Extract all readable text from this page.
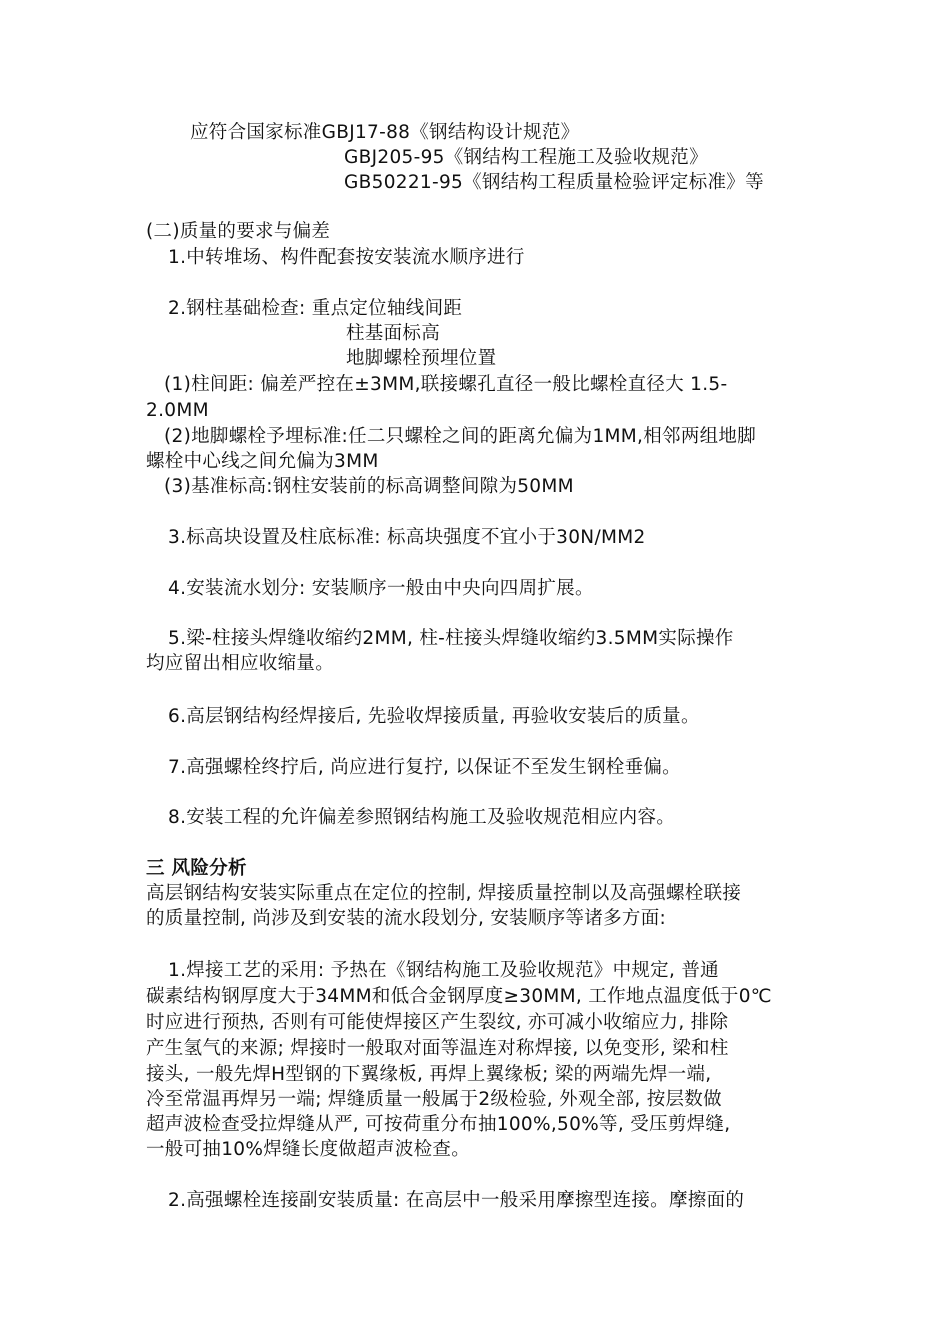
应符合国家标准GBJ17-88《钢结构设计规范》
GBJ205-95《钢结构工程施工及验收规范》
GB50221-95《钢结构工程质量检验评定标准》等
(二)质量的要求与偏差
1.中转堆场、构件配套按安装流水顺序进行
2.钢柱基础检查: 重点定位轴线间距
柱基面标高
地脚螺栓预埋位置
(1)柱间距: 偏差严控在±3MM,联接螺孔直径一般比螺栓直径大 1.5-
2.0MM
(2)地脚螺栓予埋标准:任二只螺栓之间的距离允偏为1MM,相邻两组地脚
螺栓中心线之间允偏为3MM
(3)基准标高:钢柱安装前的标高调整间隙为50MM
3.标高块设置及柱底标准: 标高块强度不宜小于30N/MM2
4.安装流水划分: 安装顺序一般由中央向四周扩展。
5.梁-柱接头焊缝收缩约2MM, 柱-柱接头焊缝收缩约3.5MM实际操作
均应留出相应收缩量。
6.高层钢结构经焊接后, 先验收焊接质量, 再验收安装后的质量。
7.高强螺栓终拧后, 尚应进行复拧, 以保证不至发生钢栓垂偏。
8.安装工程的允许偏差参照钢结构施工及验收规范相应内容。
三 风险分析
高层钢结构安装实际重点在定位的控制, 焊接质量控制以及高强螺栓联接
的质量控制, 尚涉及到安装的流水段划分, 安装顺序等诸多方面:
1.焊接工艺的采用: 予热在《钢结构施工及验收规范》中规定, 普通
碳素结构钢厚度大于34MM和低合金钢厚度≥30MM, 工作地点温度低于0℃
时应进行预热, 否则有可能使焊接区产生裂纹, 亦可减小收缩应力, 排除
产生氢气的来源; 焊接时一般取对面等温连对称焊接, 以免变形, 梁和柱
接头, 一般先焊H型钢的下翼缘板, 再焊上翼缘板; 梁的两端先焊一端,
冷至常温再焊另一端; 焊缝质量一般属于2级检验, 外观全部, 按层数做
超声波检查受拉焊缝从严, 可按荷重分布抽100%,50%等, 受压剪焊缝,
一般可抽10%焊缝长度做超声波检查。
2.高强螺栓连接副安装质量: 在高层中一般采用摩擦型连接。摩擦面的
